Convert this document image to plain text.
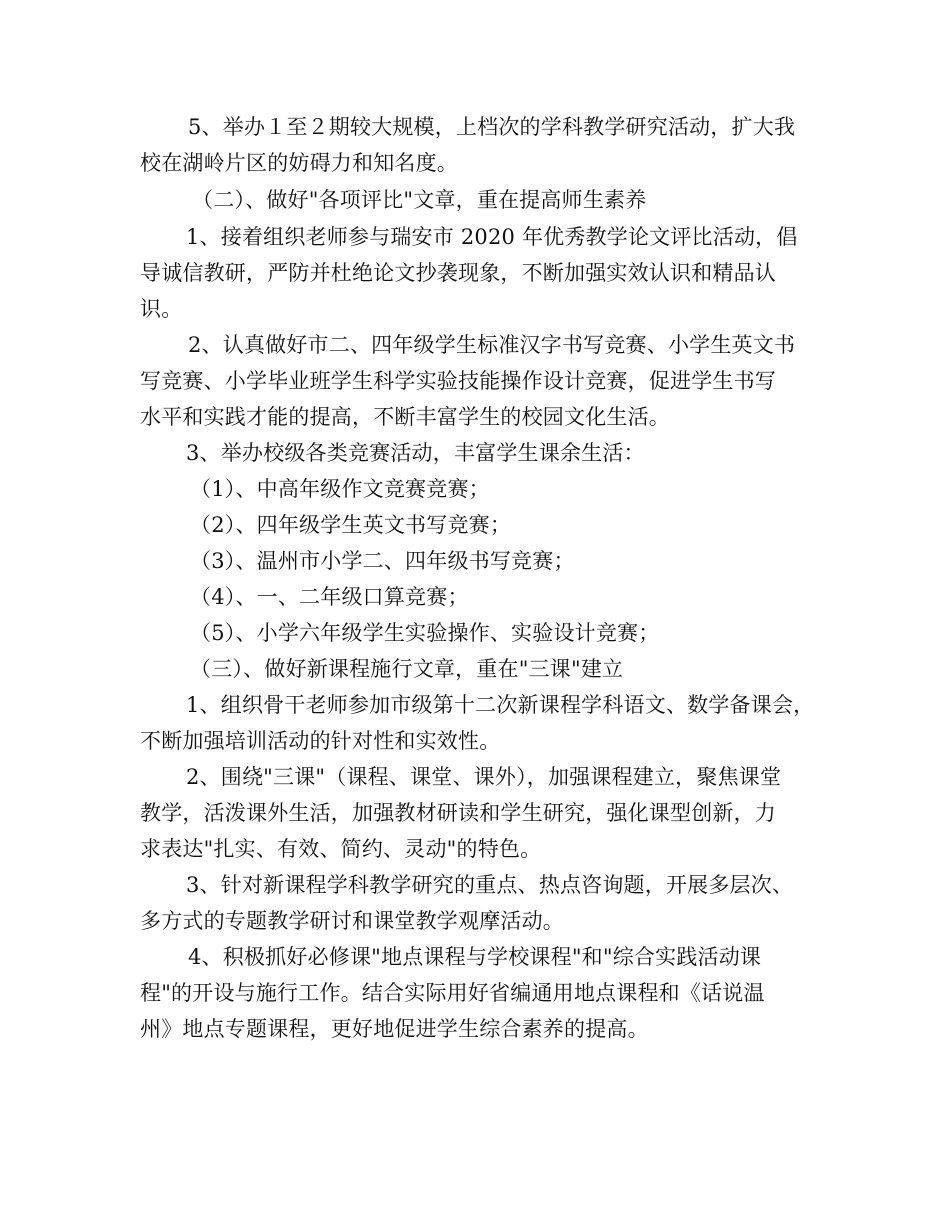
5、举办１至２期较大规模，上档次的学科教学研究活动，扩大我
校在湖岭片区的妨碍力和知名度。
（二）、做好"各项评比"文章，重在提高师生素养
1、接着组织老师参与瑞安市 2020 年优秀教学论文评比活动，倡
导诚信教研，严防并杜绝论文抄袭现象，不断加强实效认识和精品认
识。
2、认真做好市二、四年级学生标准汉字书写竞赛、小学生英文书
写竞赛、小学毕业班学生科学实验技能操作设计竞赛，促进学生书写
水平和实践才能的提高，不断丰富学生的校园文化生活。
3、举办校级各类竞赛活动，丰富学生课余生活：
（1）、中高年级作文竞赛竞赛；
（2）、四年级学生英文书写竞赛；
（3）、温州市小学二、四年级书写竞赛；
（4）、一、二年级口算竞赛；
（5）、小学六年级学生实验操作、实验设计竞赛；
（三）、做好新课程施行文章，重在"三课"建立
1、组织骨干老师参加市级第十二次新课程学科语文、数学备课会，
不断加强培训活动的针对性和实效性。
2、围绕"三课"（课程、课堂、课外），加强课程建立，聚焦课堂
教学，活泼课外生活，加强教材研读和学生研究，强化课型创新，力
求表达"扎实、有效、简约、灵动"的特色。
3、针对新课程学科教学研究的重点、热点咨询题，开展多层次、
多方式的专题教学研讨和课堂教学观摩活动。
4、积极抓好必修课"地点课程与学校课程"和"综合实践活动课
程"的开设与施行工作。结合实际用好省编通用地点课程和《话说温
州》地点专题课程，更好地促进学生综合素养的提高。
